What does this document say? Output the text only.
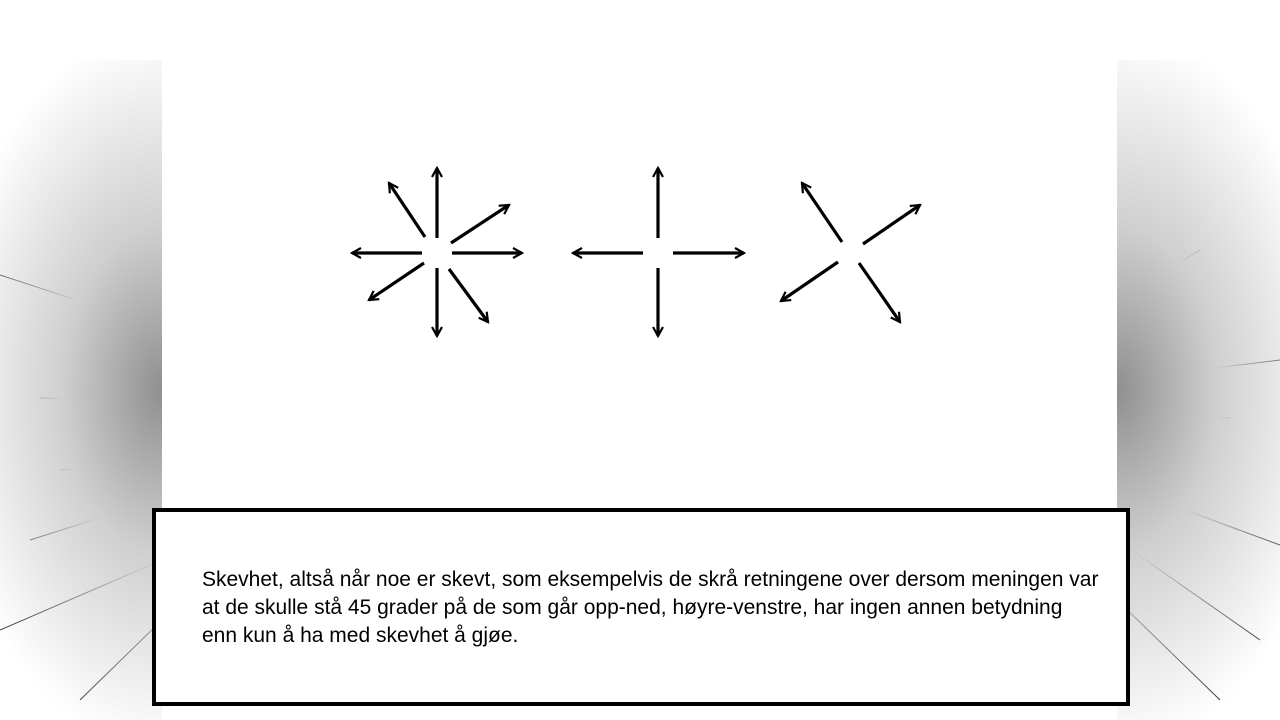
Skevhet, altså når noe er skevt, som eksempelvis de skrå retningene over dersom meningen var at de skulle stå 45 grader på de som går opp-ned, høyre-venstre, har ingen annen betydning enn kun å ha med skevhet å gjøe.
